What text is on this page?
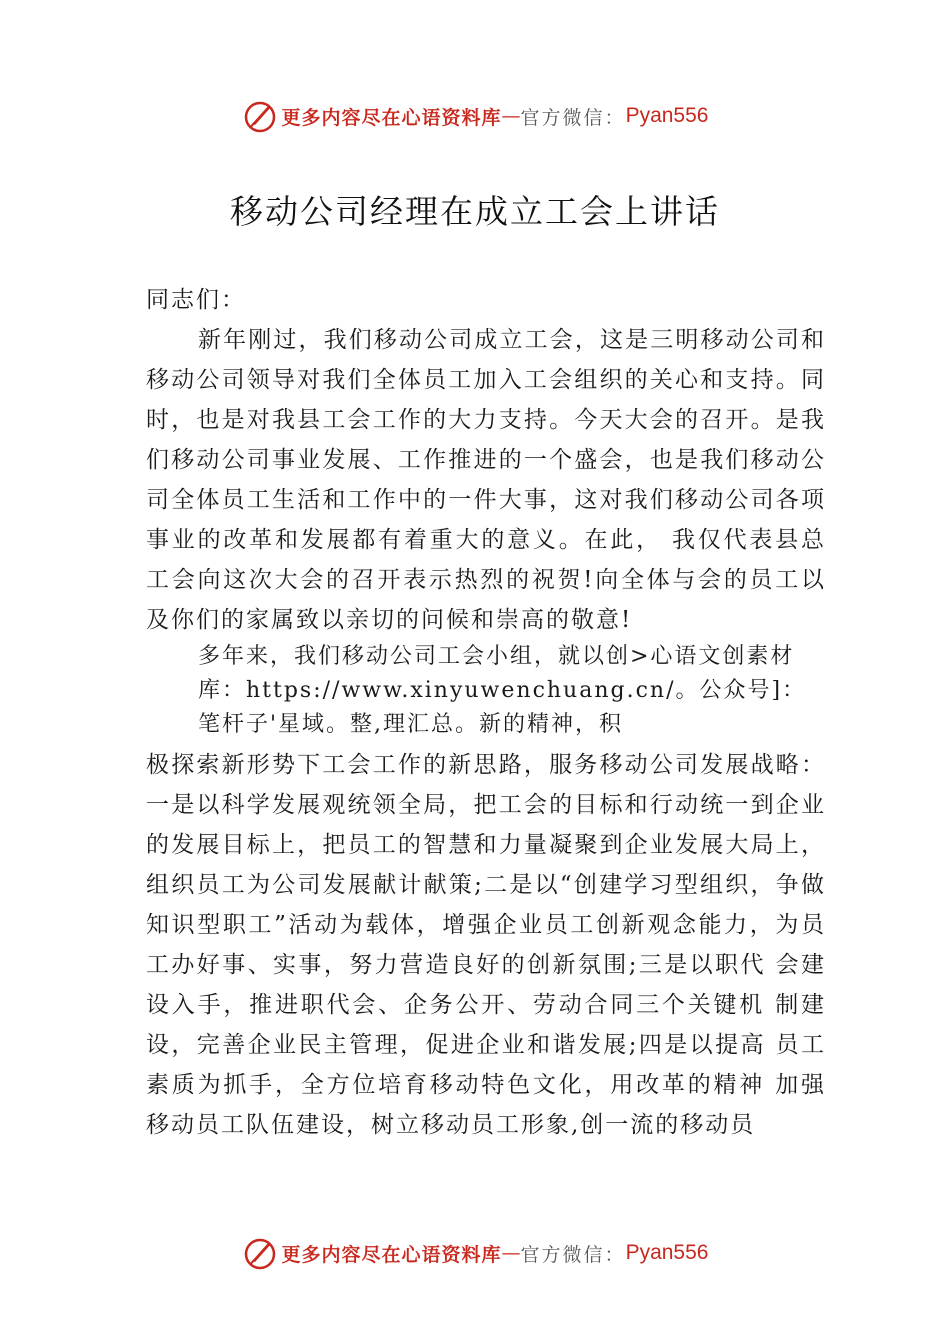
更多内容尽在心语资料库 — 官方微信： Pyan556
移动公司经理在成立工会上讲话
同志们：
新年刚过，我们移动公司成立工会，这是三明移动公司和移动公司领导对我们全体员工加入工会组织的关心和支持。同时，也是对我县工会工作的大力支持。今天大会的召开。是我们移动公司事业发展、工作推进的一个盛会，也是我们移动公司全体员工生活和工作中的一件大事，这对我们移动公司各项事业的改革和发展都有着重大的意义。在此， 我仅代表县总工会向这次大会的召开表示热烈的祝贺!向全体与会的员工以及你们的家属致以亲切的问候和崇高的敬意!
多年来，我们移动公司工会小组，就以创>心语文创素材库：https://www.xinyuwenchuang.cn/。公众号]：笔杆子'星域。整,理汇总。新的精神，积
极探索新形势下工会工作的新思路，服务移动公司发展战略：一是以科学发展观统领全局，把工会的目标和行动统一到企业的发展目标上，把员工的智慧和力量凝聚到企业发展大局上，组织员工为公司发展献计献策;二是以“创建学习型组织，争做知识型职工”活动为载体，增强企业员工创新观念能力，为员工办好事、实事，努力营造良好的创新氛围;三是以职代 会建设入手，推进职代会、企务公开、劳动合同三个关键机 制建设，完善企业民主管理，促进企业和谐发展;四是以提高 员工素质为抓手，全方位培育移动特色文化，用改革的精神 加强移动员工队伍建设，树立移动员工形象,创一流的移动员
更多内容尽在心语资料库 — 官方微信： Pyan556
